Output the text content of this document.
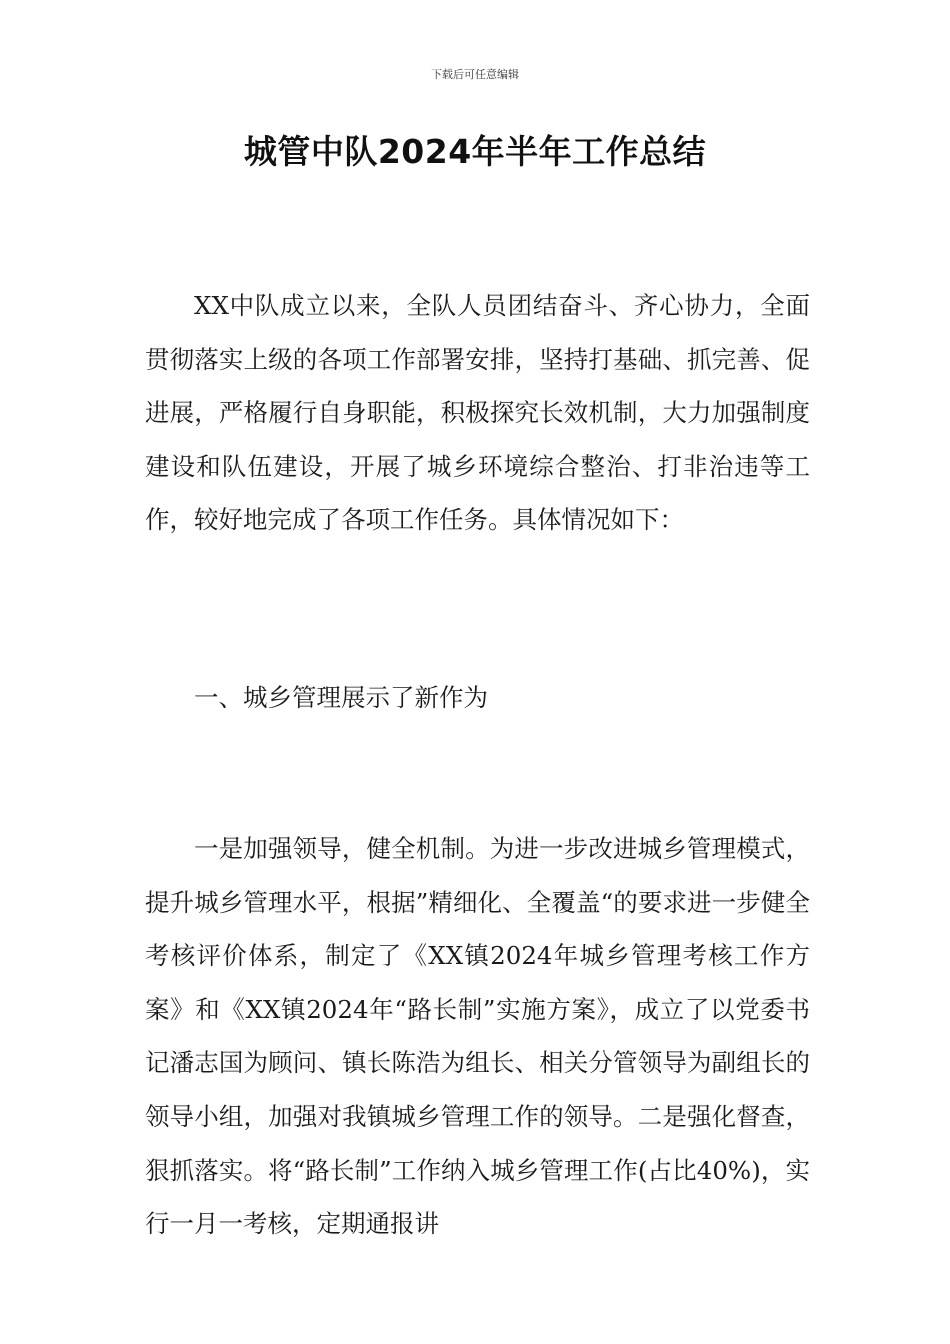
下载后可任意编辑
城管中队2024年半年工作总结

XX中队成立以来，全队人员团结奋斗、齐心协力，全面贯彻落实上级的各项工作部署安排，坚持打基础、抓完善、促进展，严格履行自身职能，积极探究长效机制，大力加强制度建设和队伍建设，开展了城乡环境综合整治、打非治违等工作，较好地完成了各项工作任务。具体情况如下：

一、城乡管理展示了新作为

一是加强领导，健全机制。为进一步改进城乡管理模式，提升城乡管理水平，根据”精细化、全覆盖“的要求进一步健全考核评价体系，制定了《XX镇2024年城乡管理考核工作方案》和《XX镇2024年“路长制”实施方案》，成立了以党委书记潘志国为顾问、镇长陈浩为组长、相关分管领导为副组长的领导小组，加强对我镇城乡管理工作的领导。二是强化督查，狠抓落实。将“路长制”工作纳入城乡管理工作(占比40%)，实行一月一考核，定期通报讲
